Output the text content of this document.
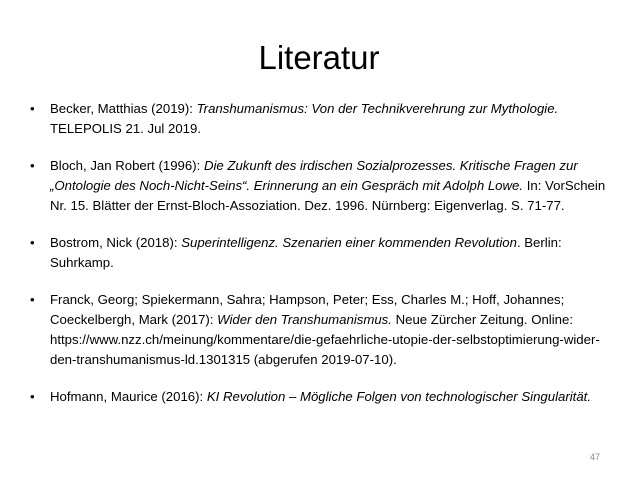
Literatur
• Becker, Matthias (2019): Transhumanismus: Von der Technikverehrung zur Mythologie. TELEPOLIS 21. Jul 2019.
• Bloch, Jan Robert (1996): Die Zukunft des irdischen Sozialprozesses. Kritische Fragen zur „Ontologie des Noch-Nicht-Seins“. Erinnerung an ein Gespräch mit Adolph Lowe. In: VorSchein Nr. 15. Blätter der Ernst-Bloch-Assoziation. Dez. 1996. Nürnberg: Eigenverlag. S. 71-77.
• Bostrom, Nick (2018): Superintelligenz. Szenarien einer kommenden Revolution. Berlin: Suhrkamp.
• Franck, Georg; Spiekermann, Sahra; Hampson, Peter; Ess, Charles M.; Hoff, Johannes; Coeckelbergh, Mark (2017): Wider den Transhumanismus. Neue Zürcher Zeitung. Online: https://www.nzz.ch/meinung/kommentare/die-gefaehrliche-utopie-der-selbstoptimierung-wider-den-transhumanismus-ld.1301315 (abgerufen 2019-07-10).
• Hofmann, Maurice (2016): KI Revolution – Mögliche Folgen von technologischer Singularität.
47
